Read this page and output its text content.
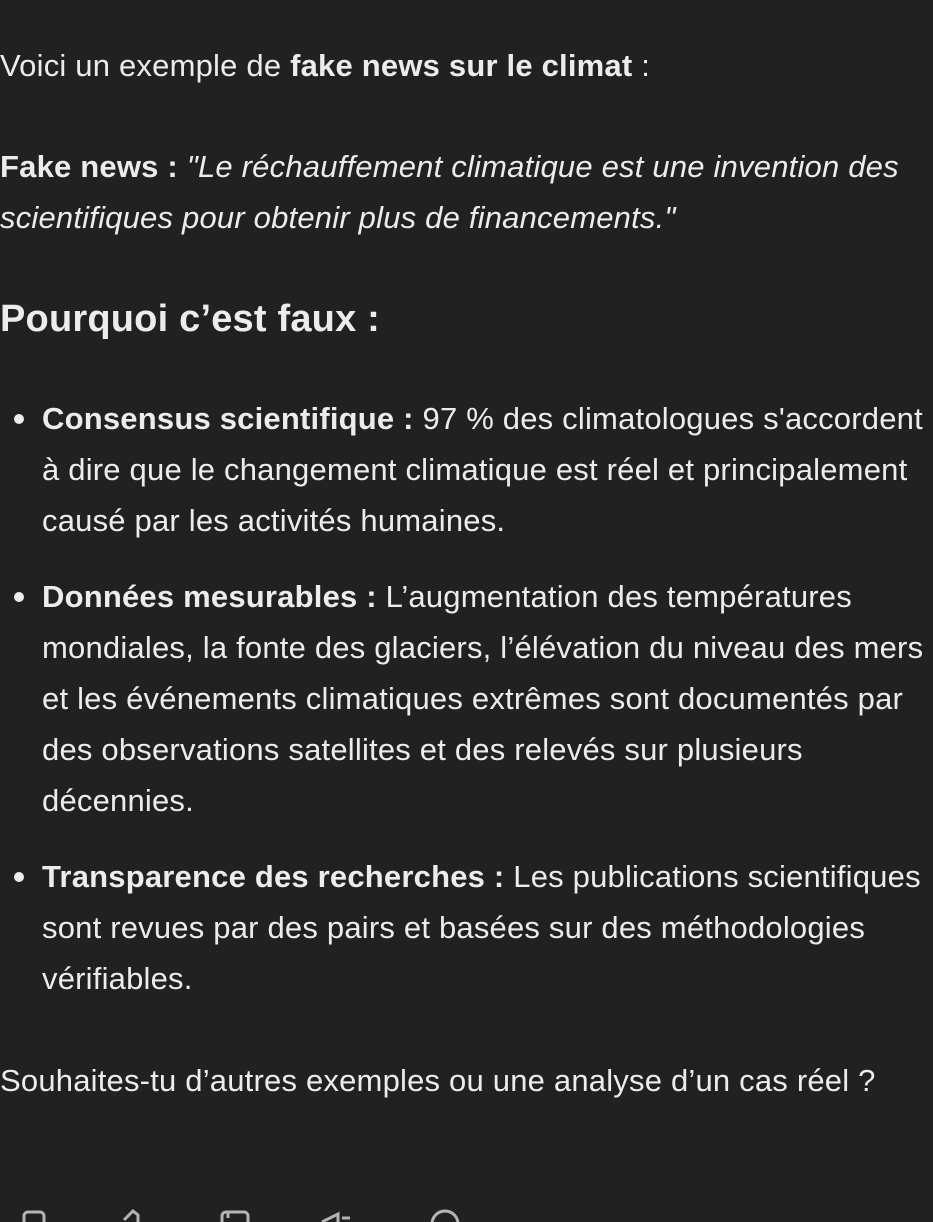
Voici un exemple de fake news sur le climat :

Fake news : "Le réchauffement climatique est une invention des scientifiques pour obtenir plus de financements."

Pourquoi c’est faux :
Consensus scientifique : 97 % des climatologues s'accordent à dire que le changement climatique est réel et principalement causé par les activités humaines.
Données mesurables : L’augmentation des températures mondiales, la fonte des glaciers, l’élévation du niveau des mers et les événements climatiques extrêmes sont documentés par des observations satellites et des relevés sur plusieurs décennies.
Transparence des recherches : Les publications scientifiques sont revues par des pairs et basées sur des méthodologies vérifiables.

Souhaites-tu d’autres exemples ou une analyse d’un cas réel ?
